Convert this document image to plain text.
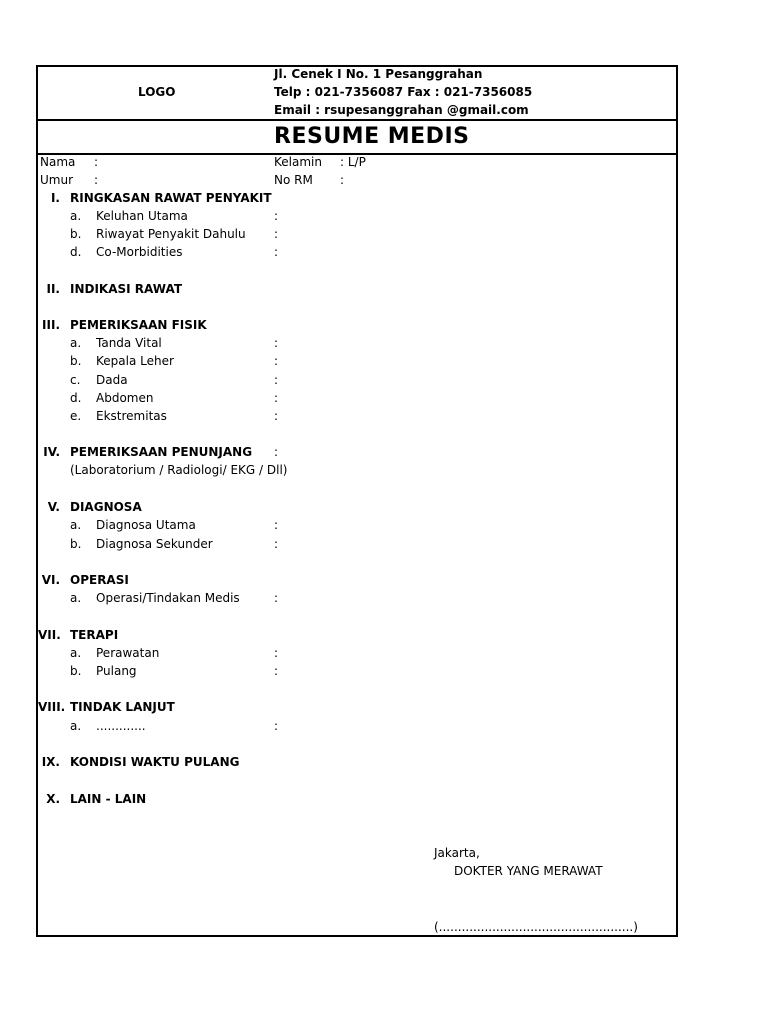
LOGO
Jl. Cenek I No. 1 Pesanggrahan
Telp : 021-7356087 Fax : 021-7356085
Email : rsupesanggrahan @gmail.com
RESUME MEDIS
Nama :
Umur :
Kelamin : L/P
No RM :
I. RINGKASAN RAWAT PENYAKIT
a. Keluhan Utama	:
b. Riwayat Penyakit Dahulu :
d. Co-Morbidities	:
II. INDIKASI RAWAT
III. PEMERIKSAAN FISIK
a. Tanda Vital	:
b. Kepala Leher	:
c. Dada	:
d. Abdomen	:
e. Ekstremitas	:
IV. PEMERIKSAAN PENUNJANG :
(Laboratorium / Radiologi/ EKG / Dll)
V. DIAGNOSA
a. Diagnosa Utama	:
b. Diagnosa Sekunder	:
VI. OPERASI
a. Operasi/Tindakan Medis	:
VII. TERAPI
a. Perawatan	:
b. Pulang	:
VIII. TINDAK LANJUT
a. .............	:
IX. KONDISI WAKTU PULANG
X. LAIN - LAIN
Jakarta,
DOKTER YANG MERAWAT
(...................................................)
